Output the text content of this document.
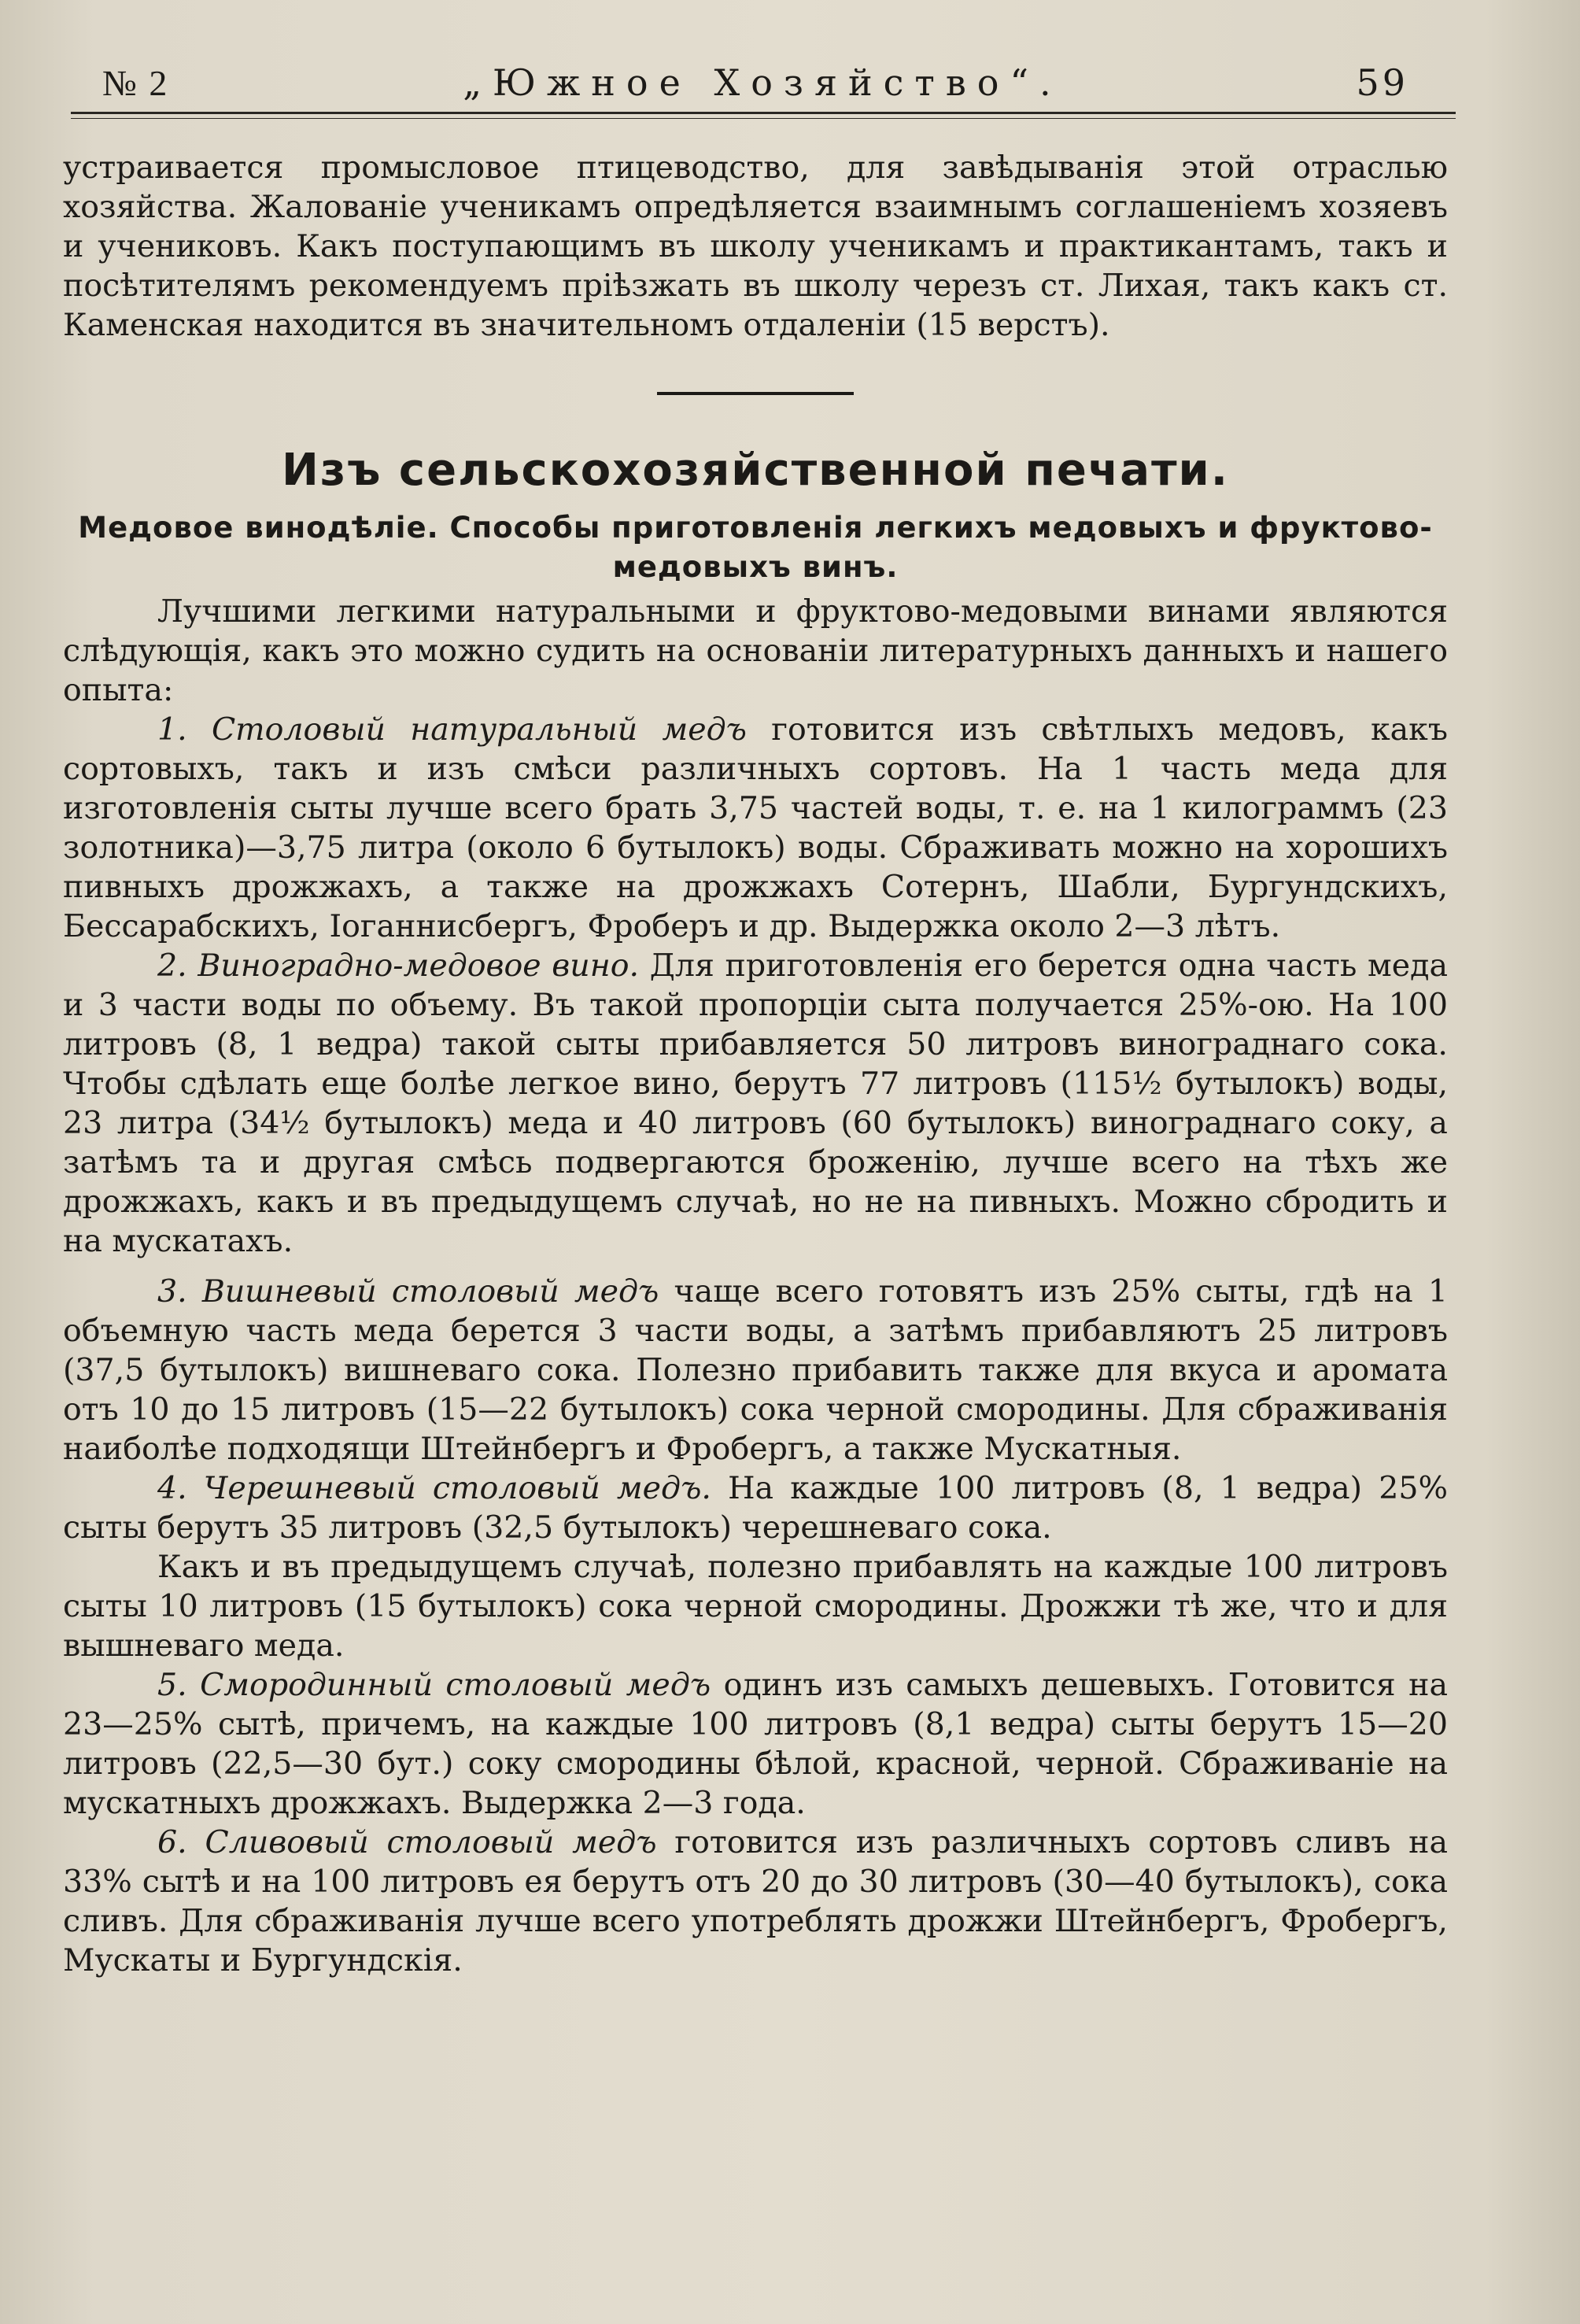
№ 2	„Южное Хозяйство“.	59

устраивается промысловое птицеводство, для завѣдыванія этой отраслью хозяйства. Жалованіе ученикамъ опредѣляется взаимнымъ соглашеніемъ хозяевъ и учениковъ. Какъ поступающимъ въ школу ученикамъ и практикантамъ, такъ и посѣтителямъ рекомендуемъ пріѣзжать въ школу черезъ ст. Лихая, такъ какъ ст. Каменская находится въ значительномъ отдаленіи (15 верстъ).

Изъ сельскохозяйственной печати.
Медовое винодѣліе. Способы приготовленія легкихъ медовыхъ и фруктово-медовыхъ винъ.

Лучшими легкими натуральными и фруктово-медовыми винами являются слѣдующія, какъ это можно судить на основаніи литературныхъ данныхъ и нашего опыта:

1. Столовый натуральный медъ готовится изъ свѣтлыхъ медовъ, какъ сортовыхъ, такъ и изъ смѣси различныхъ сортовъ. На 1 часть меда для изготовленія сыты лучше всего брать 3,75 частей воды, т. е. на 1 килограммъ (23 золотника)—3,75 литра (около 6 бутылокъ) воды. Сбраживать можно на хорошихъ пивныхъ дрожжахъ, а также на дрожжахъ Сотернъ, Шабли, Бургундскихъ, Бессарабскихъ, Іоганнисбергъ, Фроберъ и др. Выдержка около 2—3 лѣтъ.

2. Виноградно-медовое вино. Для приготовленія его берется одна часть меда и 3 части воды по объему. Въ такой пропорціи сыта получается 25%-ою. На 100 литровъ (8, 1 ведра) такой сыты прибавляется 50 литровъ винограднаго сока. Чтобы сдѣлать еще болѣе легкое вино, берутъ 77 литровъ (115½ бутылокъ) воды, 23 литра (34½ бутылокъ) меда и 40 литровъ (60 бутылокъ) винограднаго соку, а затѣмъ та и другая смѣсь подвергаются броженію, лучше всего на тѣхъ же дрожжахъ, какъ и въ предыдущемъ случаѣ, но не на пивныхъ. Можно сбродить и на мускатахъ.

3. Вишневый столовый медъ чаще всего готовятъ изъ 25% сыты, гдѣ на 1 объемную часть меда берется 3 части воды, а затѣмъ прибавляютъ 25 литровъ (37,5 бутылокъ) вишневаго сока. Полезно прибавить также для вкуса и аромата отъ 10 до 15 литровъ (15—22 бутылокъ) сока черной смородины. Для сбраживанія наиболѣе подходящи Штейнбергъ и Фробергъ, а также Мускатныя.

4. Черешневый столовый медъ. На каждые 100 литровъ (8, 1 ведра) 25% сыты берутъ 35 литровъ (32,5 бутылокъ) черешневаго сока.

Какъ и въ предыдущемъ случаѣ, полезно прибавлять на каждые 100 литровъ сыты 10 литровъ (15 бутылокъ) сока черной смородины. Дрожжи тѣ же, что и для вышневаго меда.

5. Смородинный столовый медъ одинъ изъ самыхъ дешевыхъ. Готовится на 23—25% сытѣ, причемъ, на каждые 100 литровъ (8,1 ведра) сыты берутъ 15—20 литровъ (22,5—30 бут.) соку смородины бѣлой, красной, черной. Сбраживаніе на мускатныхъ дрожжахъ. Выдержка 2—3 года.

6. Сливовый столовый медъ готовится изъ различныхъ сортовъ сливъ на 33% сытѣ и на 100 литровъ ея берутъ отъ 20 до 30 литровъ (30—40 бутылокъ), сока сливъ. Для сбраживанія лучше всего употреблять дрожжи Штейнбергъ, Фробергъ, Мускаты и Бургундскія.
